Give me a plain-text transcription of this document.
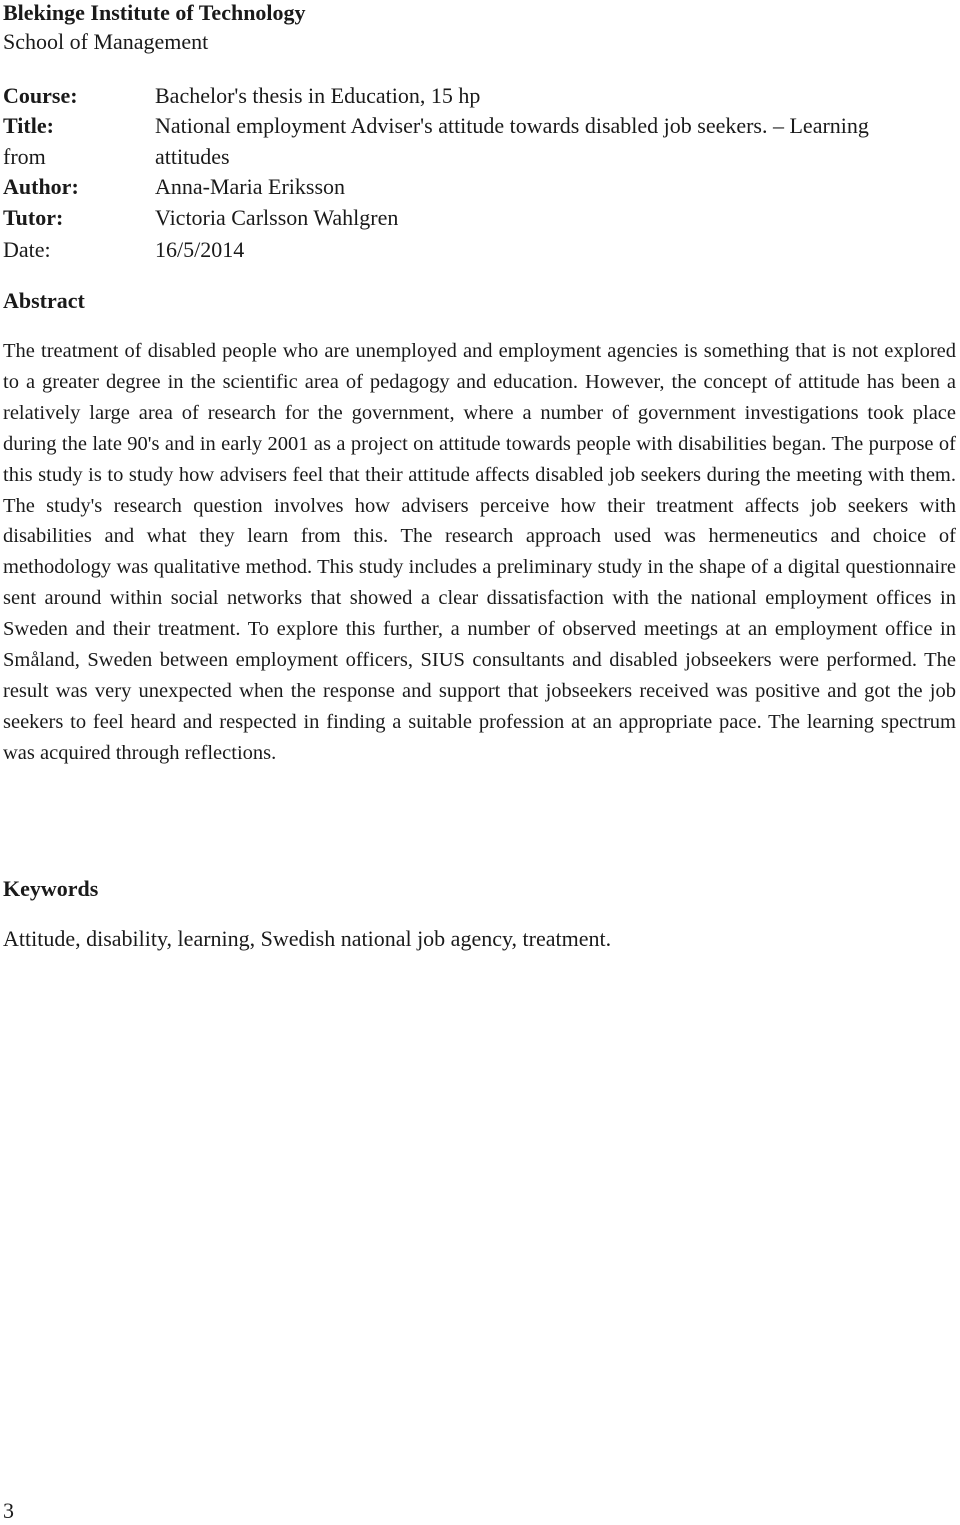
Blekinge Institute of Technology
School of Management
Course:	Bachelor's thesis in Education, 15 hp
Title:	National employment Adviser's attitude towards disabled job seekers. – Learning
from	attitudes
Author:	Anna-Maria Eriksson
Tutor:	Victoria Carlsson Wahlgren
Date:	16/5/2014
Abstract

The treatment of disabled people who are unemployed and employment agencies is something that is not explored to a greater degree in the scientific area of pedagogy and education. However, the concept of attitude has been a relatively large area of research for the government, where a number of government investigations took place during the late 90's and in early 2001 as a project on attitude towards people with disabilities began. The purpose of this study is to study how advisers feel that their attitude affects disabled job seekers during the meeting with them. The study's research question involves how advisers perceive how their treatment affects job seekers with disabilities and what they learn from this. The research approach used was hermeneutics and choice of methodology was qualitative method. This study includes a preliminary study in the shape of a digital questionnaire sent around within social networks that showed a clear dissatisfaction with the national employment offices in Sweden and their treatment. To explore this further, a number of observed meetings at an employment office in Småland, Sweden between employment officers, SIUS consultants and disabled jobseekers were performed. The result was very unexpected when the response and support that jobseekers received was positive and got the job seekers to feel heard and respected in finding a suitable profession at an appropriate pace. The learning spectrum was acquired through reflections.

Keywords
Attitude, disability, learning, Swedish national job agency, treatment.
3
